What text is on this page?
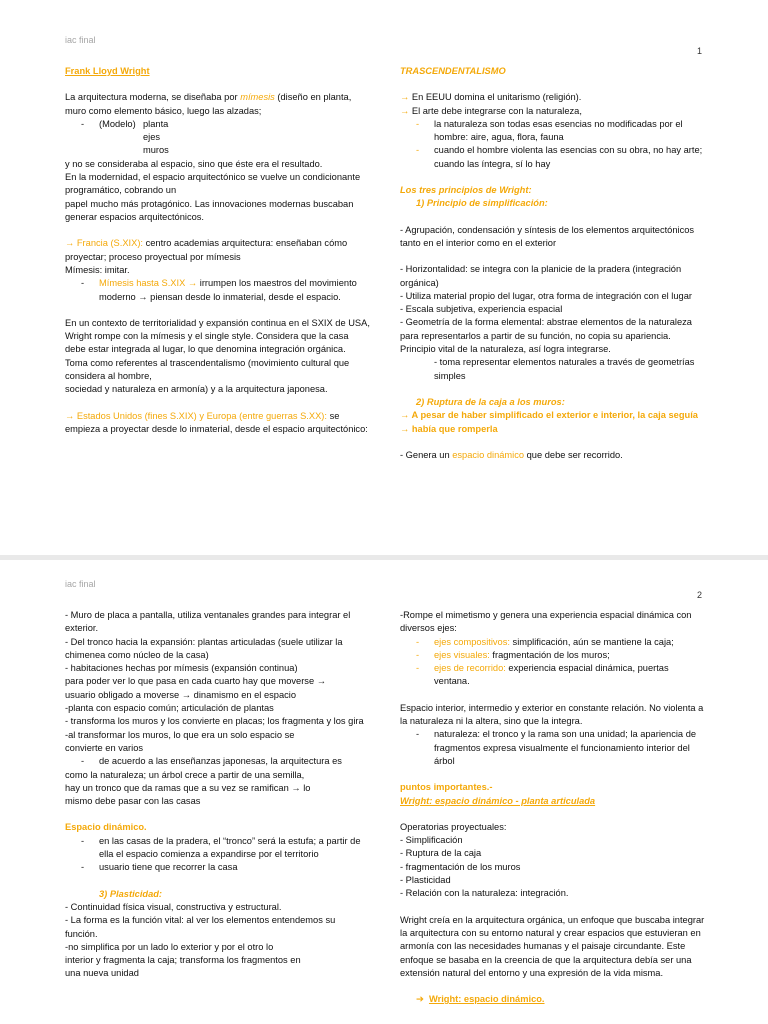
iac final
1

Frank Lloyd Wright

La arquitectura moderna, se diseñaba por mímesis (diseño en planta, muro como elemento básico, luego las alzadas;

- (Modelo) planta
ejes
muros

y no se consideraba al espacio, sino que éste era el resultado.

En la modernidad, el espacio arquitectónico se vuelve un condicionante programático, cobrando un

papel mucho más protagónico. Las innovaciones modernas buscaban generar espacios arquitectónicos.

→ Francia (S.XIX): centro academias arquitectura: enseñaban cómo proyectar; proceso proyectual por mímesis

Mímesis: imitar.

- Mímesis hasta S.XIX → irrumpen los maestros del movimiento moderno → piensan desde lo inmaterial, desde el espacio.

En un contexto de territorialidad y expansión continua en el SXIX de USA, Wright rompe con la mímesis y el single style. Considera que la casa debe estar integrada al lugar, lo que denomina integración orgánica. Toma como referentes al trascendentalismo (movimiento cultural que considera al hombre,

sociedad y naturaleza en armonía) y a la arquitectura japonesa.

→ Estados Unidos (fines S.XIX) y Europa (entre guerras S.XX): se empieza a proyectar desde lo inmaterial, desde el espacio arquitectónico:

TRASCENDENTALISMO

→ En EEUU domina el unitarismo (religión).

→ El arte debe integrarse con la naturaleza,

- la naturaleza son todas esas esencias no modificadas por el hombre: aire, agua, flora, fauna
- cuando el hombre violenta las esencias con su obra, no hay arte; cuando las íntegra, sí lo hay

Los tres principios de Wright:

1) Principio de simplificación:

- Agrupación, condensación y síntesis de los elementos arquitectónicos tanto en el interior como en el exterior

- Horizontalidad: se integra con la planicie de la pradera (integración orgánica)

- Utiliza material propio del lugar, otra forma de integración con el lugar

- Escala subjetiva, experiencia espacial

- Geometría de la forma elemental: abstrae elementos de la naturaleza para representarlos a partir de su función, no copia su apariencia. Principio vital de la naturaleza, así logra integrarse.

- toma representar elementos naturales a través de geometrías simples

2) Ruptura de la caja a los muros:

→ A pesar de haber simplificado el exterior e interior, la caja seguía → había que romperla

- Genera un espacio dinámico que debe ser recorrido.

iac final
2

- Muro de placa a pantalla, utiliza ventanales grandes para integrar el exterior.

- Del tronco hacia la expansión: plantas articuladas (suele utilizar la chimenea como núcleo de la casa)

- habitaciones hechas por mímesis (expansión continua)

para poder ver lo que pasa en cada cuarto hay que moverse →

usuario obligado a moverse → dinamismo en el espacio

-planta con espacio común; articulación de plantas

- transforma los muros y los convierte en placas; los fragmenta y los gira

-al transformar los muros, lo que era un solo espacio se

convierte en varios

- de acuerdo a las enseñanzas japonesas, la arquitectura es

como la naturaleza; un árbol crece a partir de una semilla,

hay un tronco que da ramas que a su vez se ramifican → lo

mismo debe pasar con las casas

Espacio dinámico.

- en las casas de la pradera, el “tronco” será la estufa; a partir de ella el espacio comienza a expandirse por el territorio
- usuario tiene que recorrer la casa

3) Plasticidad:

- Continuidad física visual, constructiva y estructural.

- La forma es la función vital: al ver los elementos entendemos su función.

-no simplifica por un lado lo exterior y por el otro lo

interior y fragmenta la caja; transforma los fragmentos en

una nueva unidad

-Rompe el mimetismo y genera una experiencia espacial dinámica con diversos ejes:

- ejes compositivos: simplificación, aún se mantiene la caja;
- ejes visuales: fragmentación de los muros;
- ejes de recorrido: experiencia espacial dinámica, puertas ventana.

Espacio interior, intermedio y exterior en constante relación. No violenta a la naturaleza ni la altera, sino que la integra.

- naturaleza: el tronco y la rama son una unidad; la apariencia de fragmentos expresa visualmente el funcionamiento interior del árbol

puntos importantes.-

Wright: espacio dinámico - planta articulada

Operatorias proyectuales:

- Simplificación

- Ruptura de la caja

- fragmentación de los muros

- Plasticidad

- Relación con la naturaleza: integración.

Wright creía en la arquitectura orgánica, un enfoque que buscaba integrar la arquitectura con su entorno natural y crear espacios que estuvieran en armonía con las necesidades humanas y el paisaje circundante. Este enfoque se basaba en la creencia de que la arquitectura debía ser una extensión natural del entorno y una expresión de la vida misma.

➔ Wright: espacio dinámico.
